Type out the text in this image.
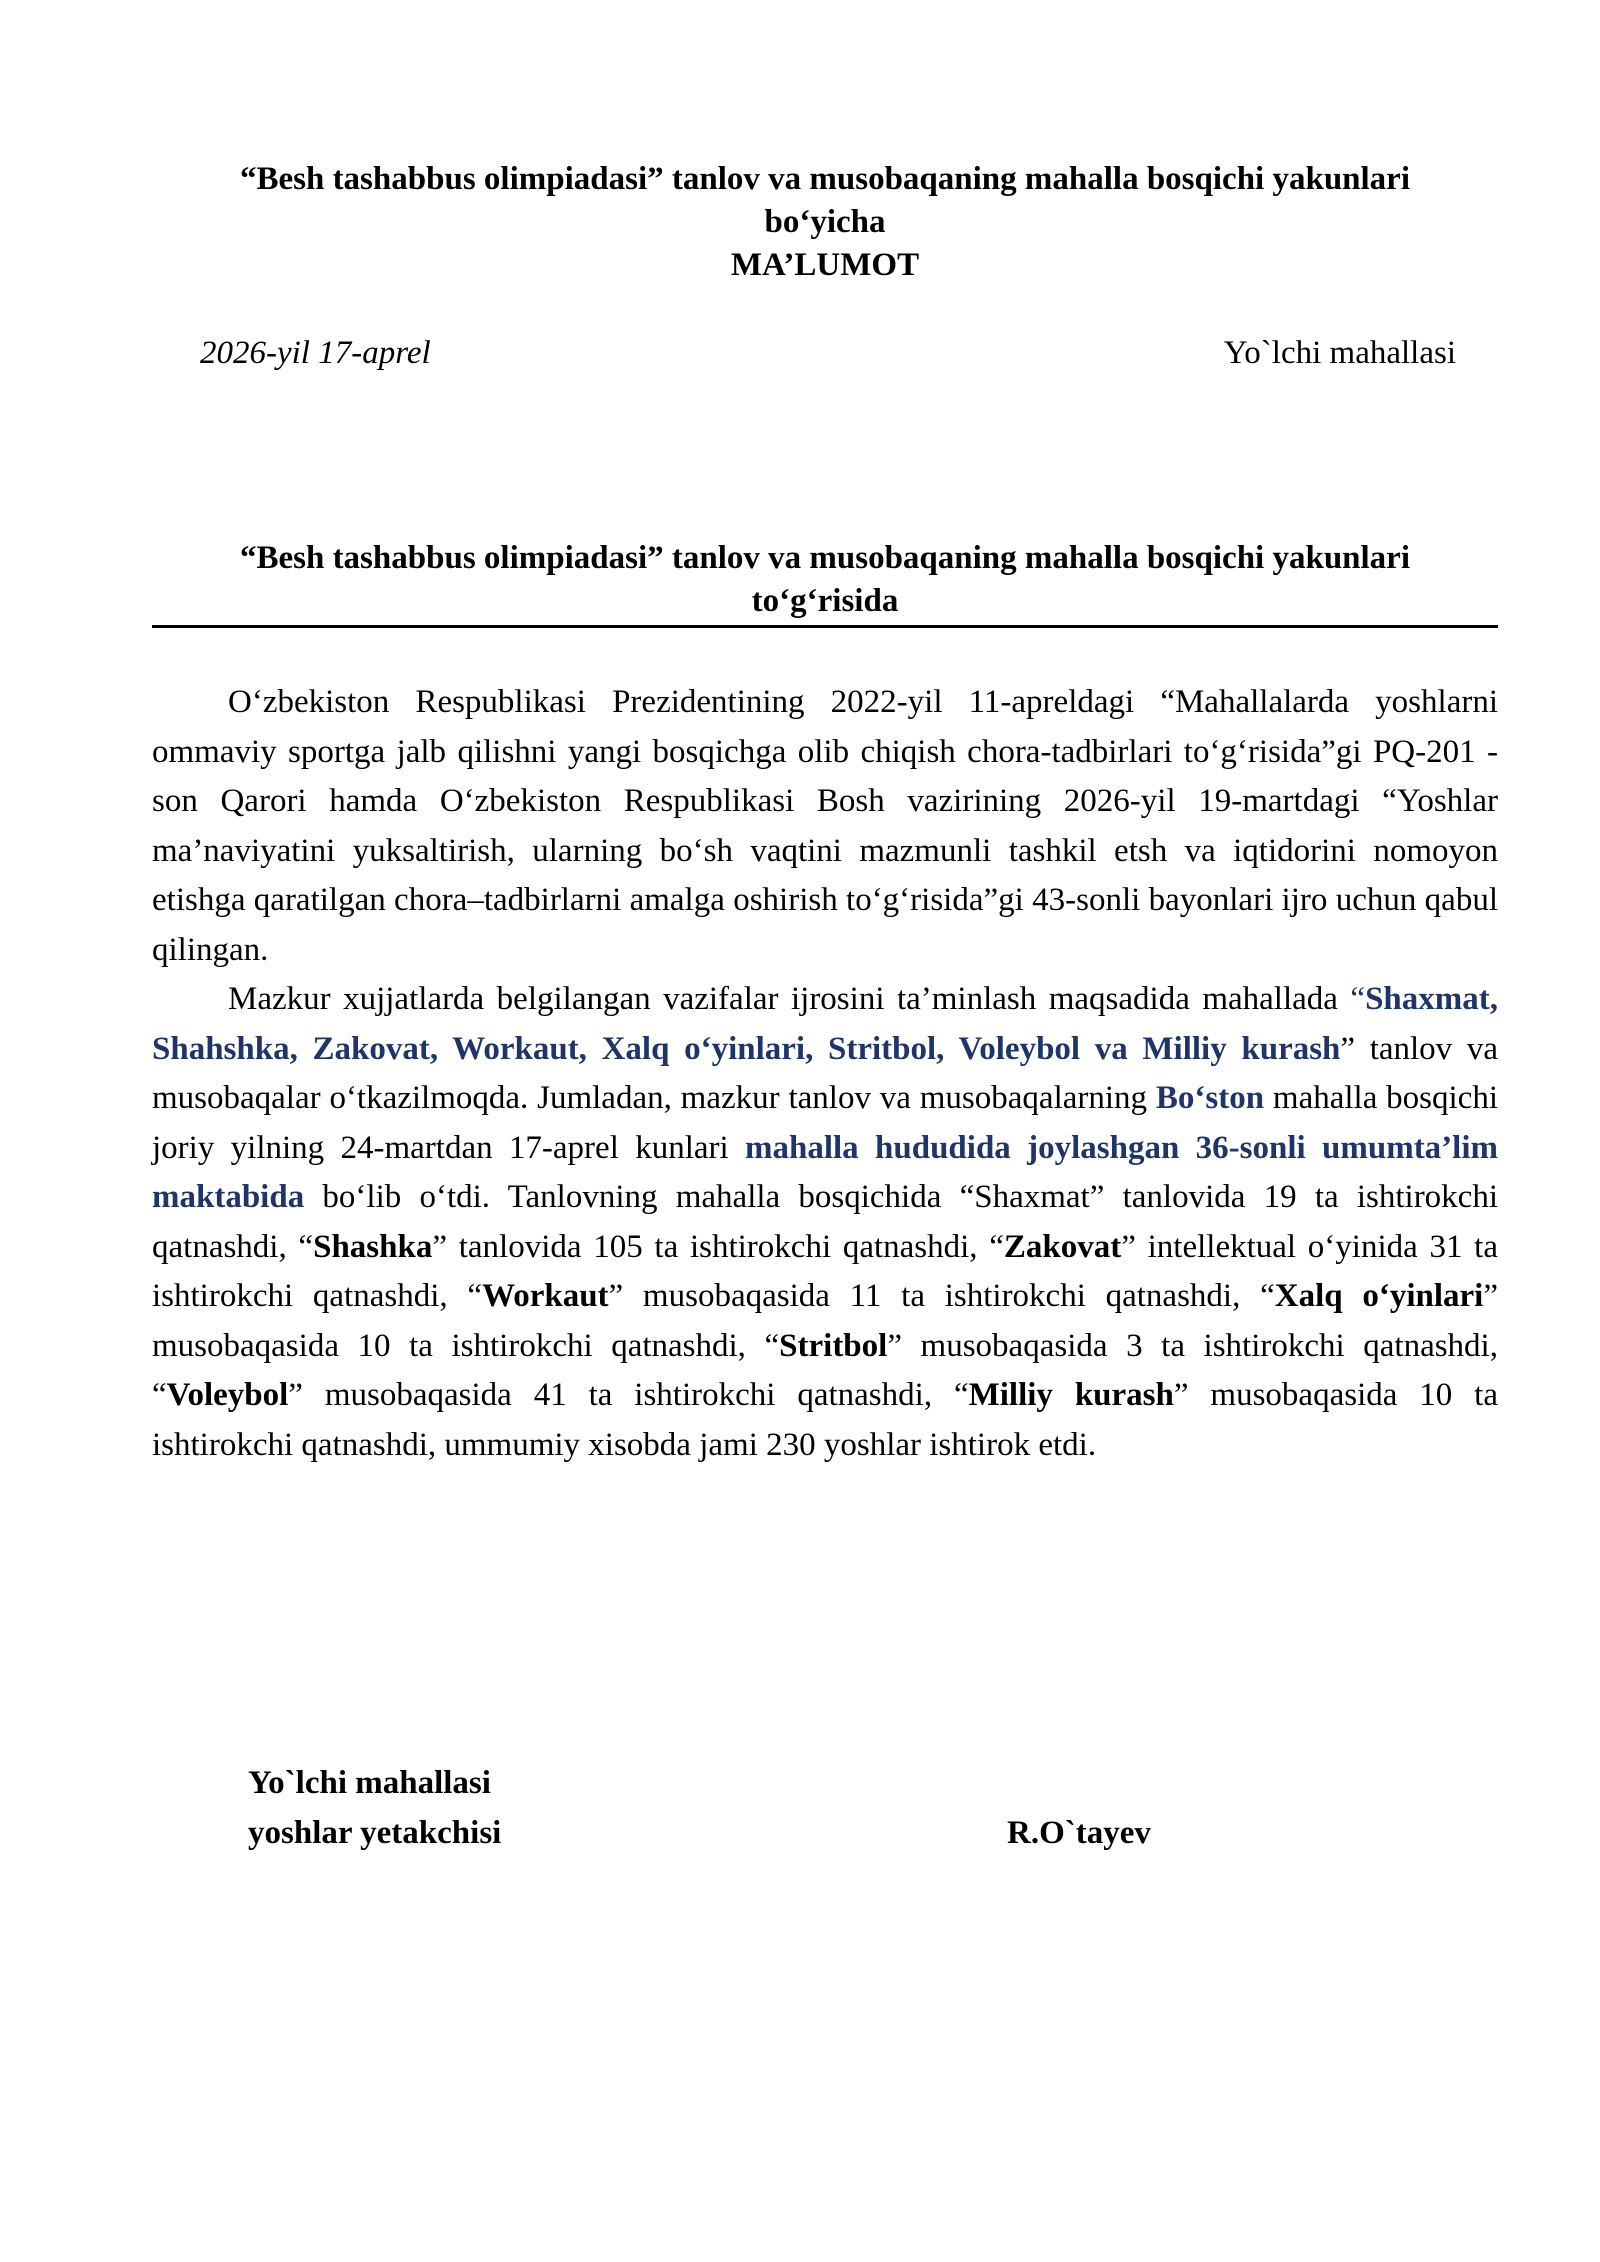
“Besh tashabbus olimpiadasi” tanlov va musobaqaning mahalla bosqichi yakunlari
bo‘yicha
MA’LUMOT
2026-yil 17-aprel	Yo`lchi mahallasi
“Besh tashabbus olimpiadasi” tanlov va musobaqaning mahalla bosqichi yakunlari
to‘g‘risida

O‘zbekiston Respublikasi Prezidentining 2022-yil 11-apreldagi “Mahallalarda yoshlarni ommaviy sportga jalb qilishni yangi bosqichga olib chiqish chora-tadbirlari to‘g‘risida”gi PQ-201 - son Qarori hamda O‘zbekiston Respublikasi Bosh vazirining 2026-yil 19-martdagi “Yoshlar ma’naviyatini yuksaltirish, ularning bo‘sh vaqtini mazmunli tashkil etsh va iqtidorini nomoyon etishga qaratilgan chora–tadbirlarni amalga oshirish to‘g‘risida”gi 43-sonli bayonlari ijro uchun qabul qilingan.

Mazkur xujjatlarda belgilangan vazifalar ijrosini ta’minlash maqsadida mahallada “Shaxmat, Shahshka, Zakovat, Workaut, Xalq o‘yinlari, Stritbol, Voleybol va Milliy kurash” tanlov va musobaqalar o‘tkazilmoqda. Jumladan, mazkur tanlov va musobaqalarning Bo‘ston mahalla bosqichi joriy yilning 24-martdan 17-aprel kunlari mahalla hududida joylashgan 36-sonli umumta’lim maktabida bo‘lib o‘tdi. Tanlovning mahalla bosqichida “Shaxmat” tanlovida 19 ta ishtirokchi qatnashdi, “Shashka” tanlovida 105 ta ishtirokchi qatnashdi, “Zakovat” intellektual o‘yinida 31 ta ishtirokchi qatnashdi, “Workaut” musobaqasida 11 ta ishtirokchi qatnashdi, “Xalq o‘yinlari” musobaqasida 10 ta ishtirokchi qatnashdi, “Stritbol” musobaqasida 3 ta ishtirokchi qatnashdi, “Voleybol” musobaqasida 41 ta ishtirokchi qatnashdi, “Milliy kurash” musobaqasida 10 ta ishtirokchi qatnashdi, ummumiy xisobda jami 230 yoshlar ishtirok etdi.

Yo`lchi mahallasi
yoshlar yetakchisi	R.O`tayev
